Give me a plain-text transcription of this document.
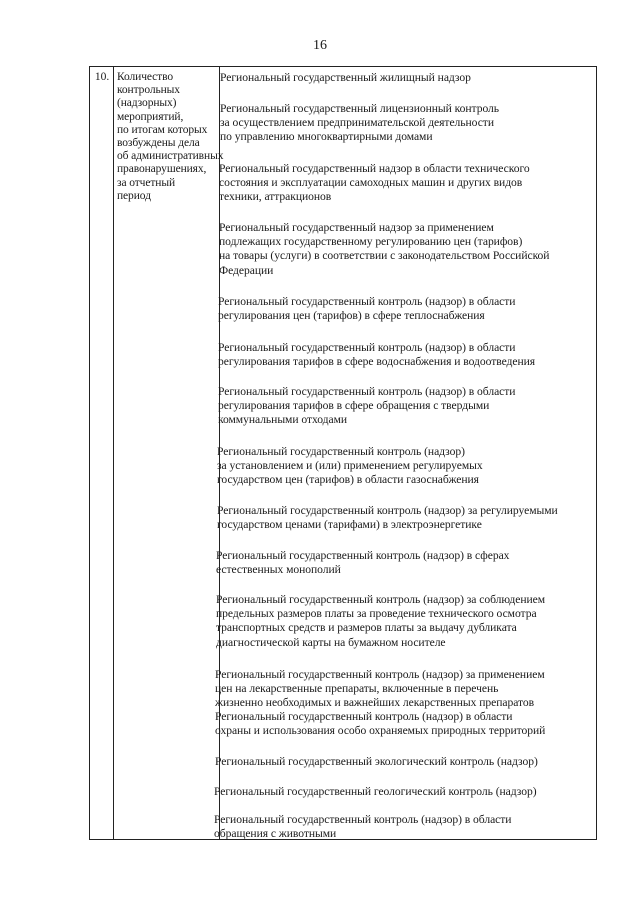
16
10. Количество
контрольных
(надзорных)
мероприятий,
по итогам которых
возбуждены дела
об административных
правонарушениях,
за отчетный
период
Региональный государственный жилищный надзор
Региональный государственный лицензионный контроль
за осуществлением предпринимательской деятельности
по управлению многоквартирными домами
Региональный государственный надзор в области технического
состояния и эксплуатации самоходных машин и других видов
техники, аттракционов
Региональный государственный надзор за применением
подлежащих государственному регулированию цен (тарифов)
на товары (услуги) в соответствии с законодательством Российской
Федерации
Региональный государственный контроль (надзор) в области
регулирования цен (тарифов) в сфере теплоснабжения
Региональный государственный контроль (надзор) в области
регулирования тарифов в сфере водоснабжения и водоотведения
Региональный государственный контроль (надзор) в области
регулирования тарифов в сфере обращения с твердыми
коммунальными отходами
Региональный государственный контроль (надзор)
за установлением и (или) применением регулируемых
государством цен (тарифов) в области газоснабжения
Региональный государственный контроль (надзор) за регулируемыми
государством ценами (тарифами) в электроэнергетике
Региональный государственный контроль (надзор) в сферах
естественных монополий
Региональный государственный контроль (надзор) за соблюдением
предельных размеров платы за проведение технического осмотра
транспортных средств и размеров платы за выдачу дубликата
диагностической карты на бумажном носителе
Региональный государственный контроль (надзор) за применением
цен на лекарственные препараты, включенные в перечень
жизненно необходимых и важнейших лекарственных препаратов
Региональный государственный контроль (надзор) в области
охраны и использования особо охраняемых природных территорий
Региональный государственный экологический контроль (надзор)
Региональный государственный геологический контроль (надзор)
Региональный государственный контроль (надзор) в области
обращения с животными
